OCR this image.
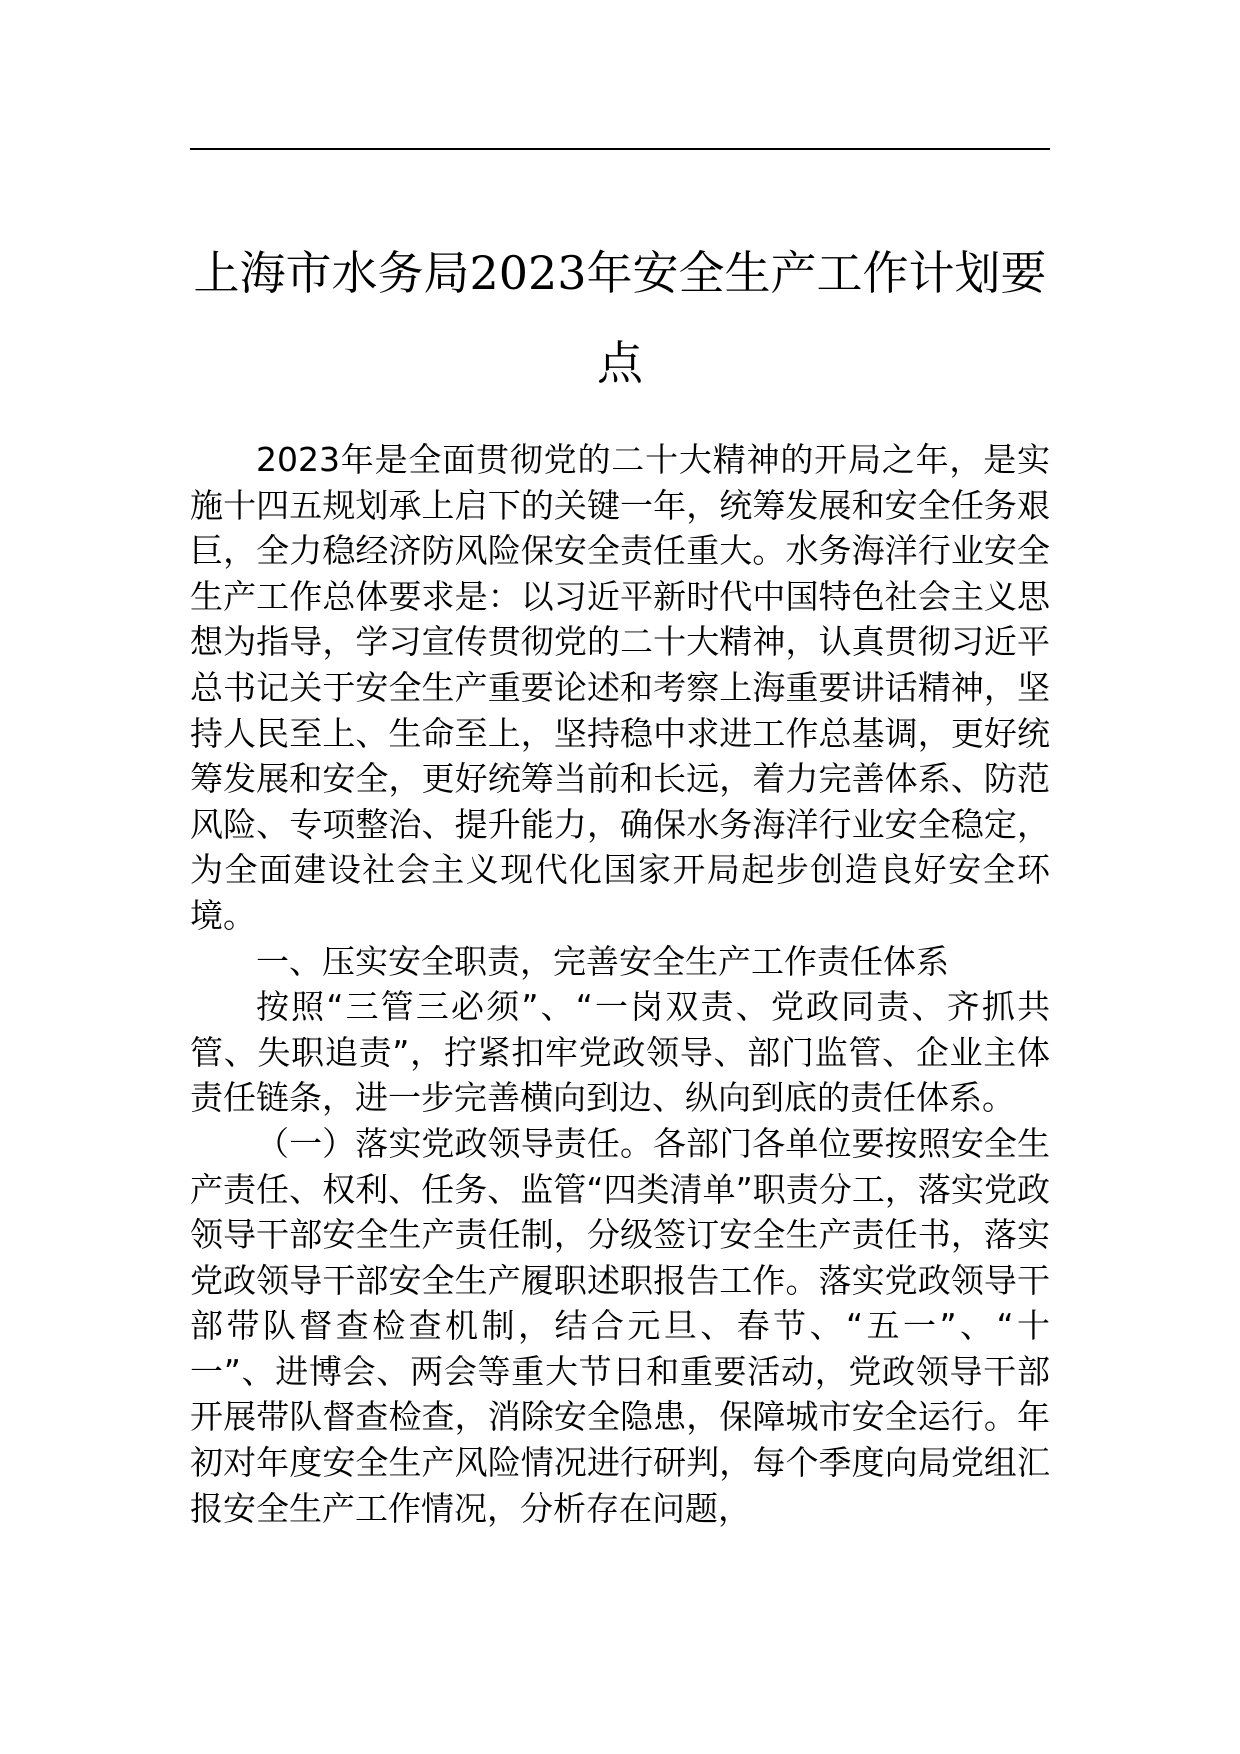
上海市水务局2023年安全生产工作计划要点

2023年是全面贯彻党的二十大精神的开局之年，是实施十四五规划承上启下的关键一年，统筹发展和安全任务艰巨，全力稳经济防风险保安全责任重大。水务海洋行业安全生产工作总体要求是：以习近平新时代中国特色社会主义思想为指导，学习宣传贯彻党的二十大精神，认真贯彻习近平总书记关于安全生产重要论述和考察上海重要讲话精神，坚持人民至上、生命至上，坚持稳中求进工作总基调，更好统筹发展和安全，更好统筹当前和长远，着力完善体系、防范风险、专项整治、提升能力，确保水务海洋行业安全稳定，为全面建设社会主义现代化国家开局起步创造良好安全环境。

一、压实安全职责，完善安全生产工作责任体系

按照“三管三必须”、“一岗双责、党政同责、齐抓共管、失职追责”，拧紧扣牢党政领导、部门监管、企业主体责任链条，进一步完善横向到边、纵向到底的责任体系。

（一）落实党政领导责任。各部门各单位要按照安全生产责任、权利、任务、监管“四类清单”职责分工，落实党政领导干部安全生产责任制，分级签订安全生产责任书，落实党政领导干部安全生产履职述职报告工作。落实党政领导干部带队督查检查机制，结合元旦、春节、“五一”、“十一”、进博会、两会等重大节日和重要活动，党政领导干部开展带队督查检查，消除安全隐患，保障城市安全运行。年初对年度安全生产风险情况进行研判，每个季度向局党组汇报安全生产工作情况，分析存在问题，
